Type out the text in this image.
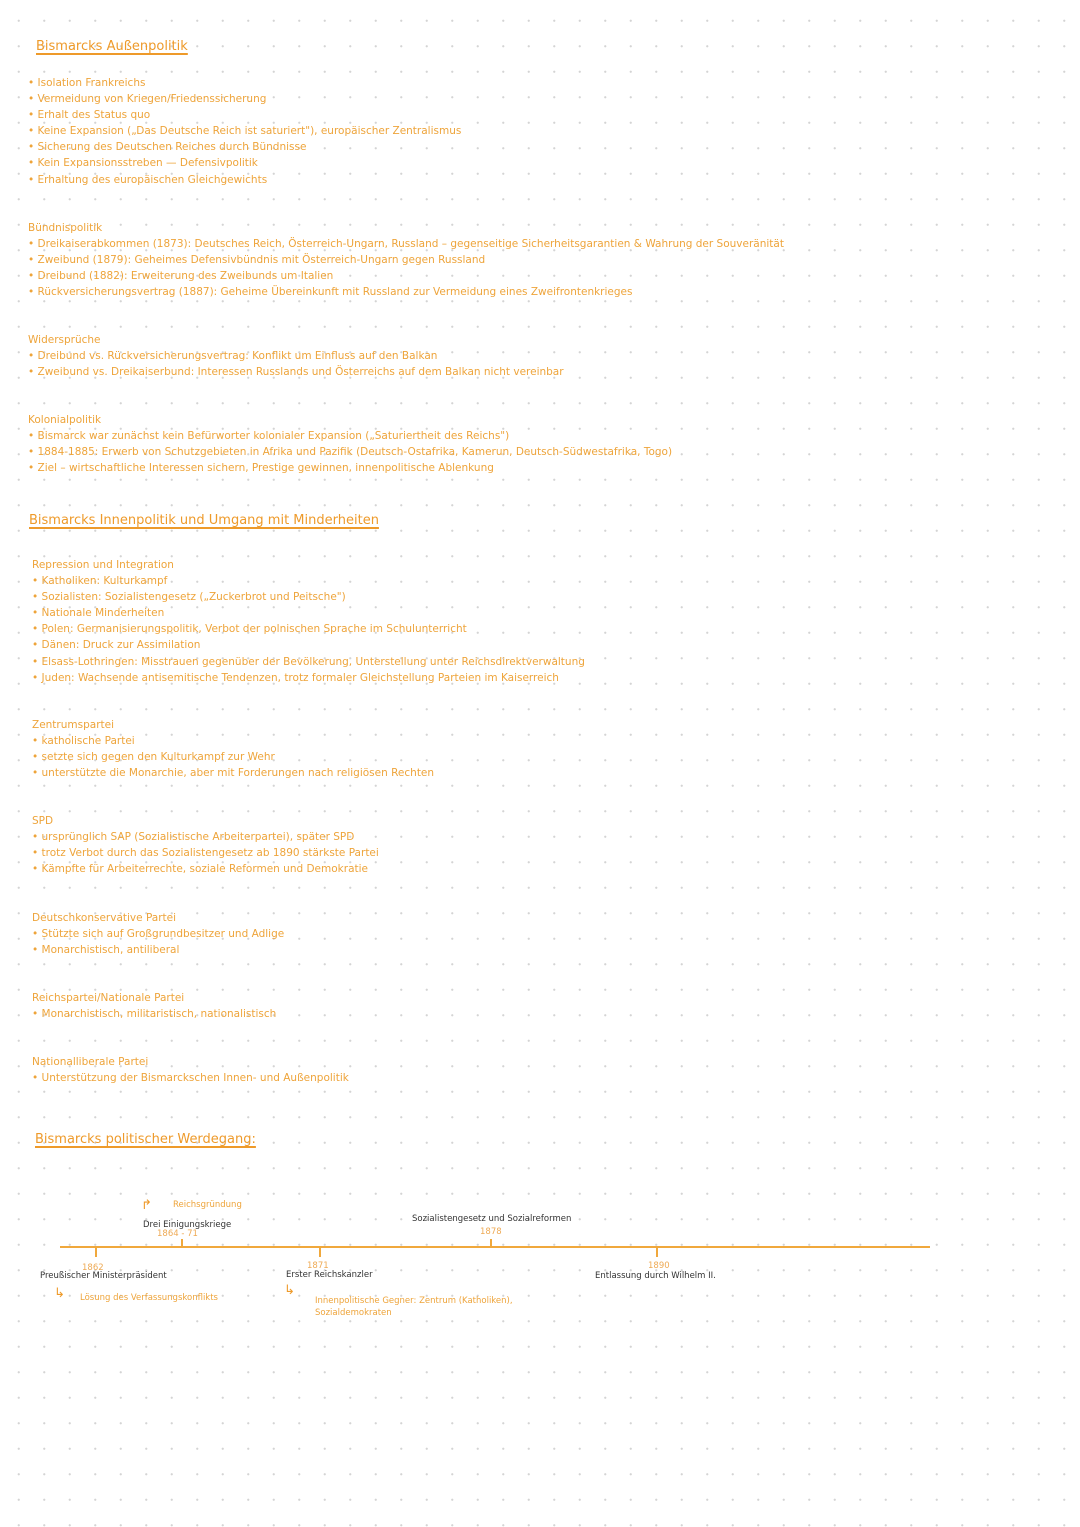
Bismarcks Außenpolitik
• Isolation Frankreichs
• Vermeidung von Kriegen/Friedenssicherung
• Erhalt des Status quo
• Keine Expansion („Das Deutsche Reich ist saturiert"), europäischer Zentralismus
• Sicherung des Deutschen Reiches durch Bündnisse
• Kein Expansionsstreben — Defensivpolitik
• Erhaltung des europäischen Gleichgewichts
Bündnispolitik
• Dreikaiserabkommen (1873): Deutsches Reich, Österreich-Ungarn, Russland – gegenseitige Sicherheitsgarantien & Wahrung der Souveränität
• Zweibund (1879): Geheimes Defensivbündnis mit Österreich-Ungarn gegen Russland
• Dreibund (1882): Erweiterung des Zweibunds um Italien
• Rückversicherungsvertrag (1887): Geheime Übereinkunft mit Russland zur Vermeidung eines Zweifrontenkrieges
Widersprüche
• Dreibund vs. Rückversicherungsvertrag: Konflikt um Einfluss auf den Balkan
• Zweibund vs. Dreikaiserbund: Interessen Russlands und Österreichs auf dem Balkan nicht vereinbar
Kolonialpolitik
• Bismarck war zunächst kein Befürworter kolonialer Expansion („Saturiertheit des Reichs")
• 1884-1885: Erwerb von Schutzgebieten in Afrika und Pazifik (Deutsch-Ostafrika, Kamerun, Deutsch-Südwestafrika, Togo)
• Ziel – wirtschaftliche Interessen sichern, Prestige gewinnen, innenpolitische Ablenkung
Bismarcks Innenpolitik und Umgang mit Minderheiten
Repression und Integration
• Katholiken: Kulturkampf
• Sozialisten: Sozialistengesetz („Zuckerbrot und Peitsche")
• Nationale Minderheiten
• Polen: Germanisierungspolitik, Verbot der polnischen Sprache im Schulunterricht
• Dänen: Druck zur Assimilation
• Elsass-Lothringen: Misstrauen gegenüber der Bevölkerung, Unterstellung unter Reichsdirektverwaltung
• Juden: Wachsende antisemitische Tendenzen, trotz formaler Gleichstellung Parteien im Kaiserreich
Zentrumspartei
• katholische Partei
• setzte sich gegen den Kulturkampf zur Wehr
• unterstützte die Monarchie, aber mit Forderungen nach religiösen Rechten
SPD
• ursprünglich SAP (Sozialistische Arbeiterpartei), später SPD
• trotz Verbot durch das Sozialistengesetz ab 1890 stärkste Partei
• Kämpfte für Arbeiterrechte, soziale Reformen und Demokratie
Deutschkonservative Partei
• Stützte sich auf Großgrundbesitzer und Adlige
• Monarchistisch, antiliberal
Reichspartei/Nationale Partei
• Monarchistisch, militaristisch, nationalistisch
Nationalliberale Partei
• Unterstützung der Bismarckschen Innen- und Außenpolitik
Bismarcks politischer Werdegang:
1862
Preußischer Ministerpräsident
↳ Lösung des Verfassungskonflikts
↱ Reichsgründung
Drei Einigungskriege
1864 - 71
1871
Erster Reichskanzler
↳
Innenpolitische Gegner: Zentrum (Katholiken),
Sozialdemokraten
Sozialistengesetz und Sozialreformen
1878
1890
Entlassung durch Wilhelm II.
